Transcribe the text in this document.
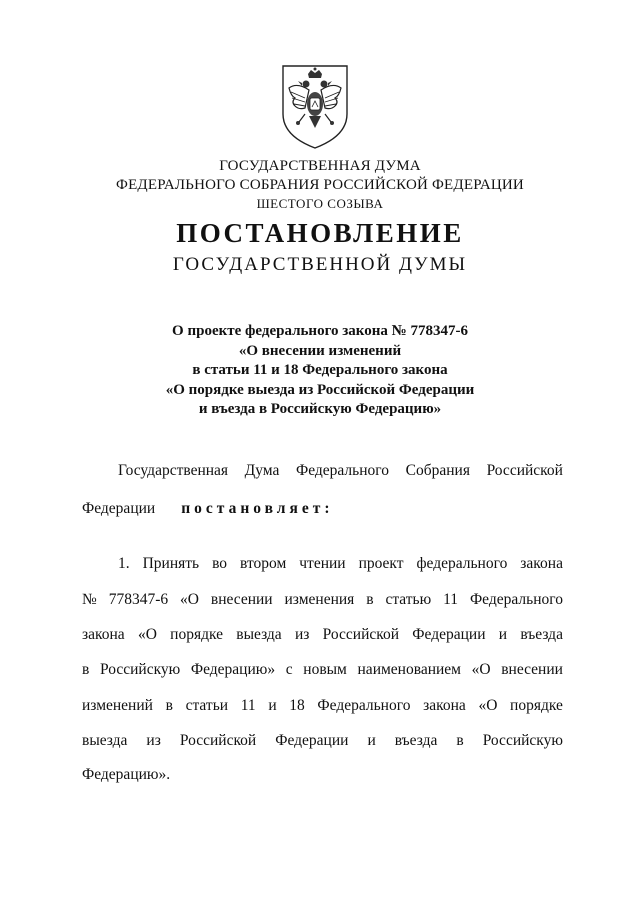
ГОСУДАРСТВЕННАЯ ДУМА
ФЕДЕРАЛЬНОГО СОБРАНИЯ РОССИЙСКОЙ ФЕДЕРАЦИИ
ШЕСТОГО СОЗЫВА
ПОСТАНОВЛЕНИЕ
ГОСУДАРСТВЕННОЙ ДУМЫ
О проекте федерального закона № 778347-6
«О внесении изменений
в статьи 11 и 18 Федерального закона
«О порядке выезда из Российской Федерации
и въезда в Российскую Федерацию»
Государственная Дума Федерального Собрания Российской
Федерации постановляет:
1. Принять во втором чтении проект федерального закона
№ 778347-6 «О внесении изменения в статью 11 Федерального
закона «О порядке выезда из Российской Федерации и въезда
в Российскую Федерацию» с новым наименованием «О внесении
изменений в статьи 11 и 18 Федерального закона «О порядке
выезда из Российской Федерации и въезда в Российскую
Федерацию».
